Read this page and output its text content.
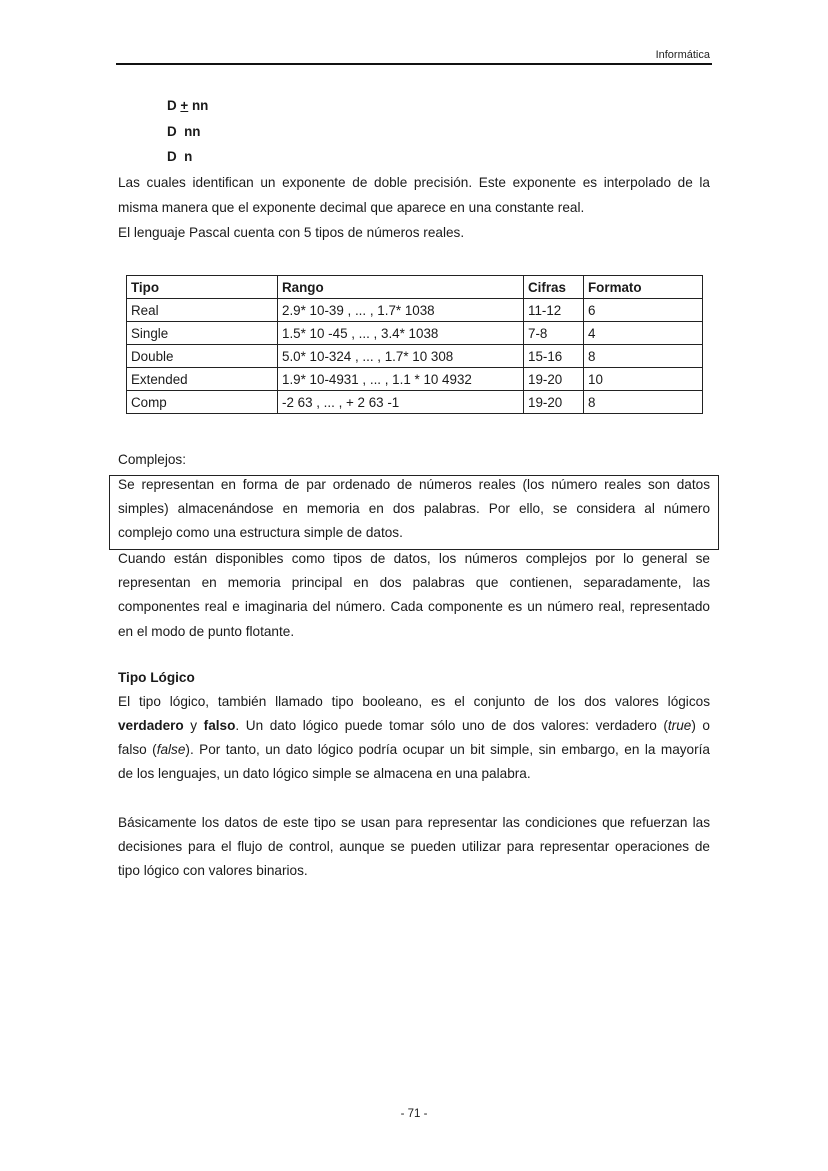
Informática
D + nn
D  nn
D  n
Las cuales identifican un exponente de doble precisión. Este exponente es interpolado de la
misma manera que el exponente decimal que aparece en una constante real.
El lenguaje Pascal cuenta con 5 tipos de números reales.
Tipo	Rango	Cifras	Formato
Real	2.9* 10-39 , ... , 1.7* 1038	11-12	6
Single	1.5* 10 -45 , ... , 3.4* 1038	7-8	4
Double	5.0* 10-324 , ... , 1.7* 10 308	15-16	8
Extended	1.9* 10-4931 , ... , 1.1 * 10 4932	19-20	10
Comp	-2 63 , ... , + 2 63 -1	19-20	8
Complejos:
Se representan en forma de par ordenado de números reales (los número reales son datos
simples) almacenándose en memoria en dos palabras. Por ello, se considera al número
complejo como una estructura simple de datos.
Cuando están disponibles como tipos de datos, los números complejos por lo general se
representan en memoria principal en dos palabras que contienen, separadamente, las
componentes real e imaginaria del número. Cada componente es un número real, representado
en el modo de punto flotante.
Tipo Lógico
El tipo lógico, también llamado tipo booleano, es el conjunto de los dos valores lógicos
verdadero y falso. Un dato lógico puede tomar sólo uno de dos valores: verdadero (true) o
falso (false). Por tanto, un dato lógico podría ocupar un bit simple, sin embargo, en la mayoría
de los lenguajes, un dato lógico simple se almacena en una palabra.
Básicamente los datos de este tipo se usan para representar las condiciones que refuerzan las
decisiones para el flujo de control, aunque se pueden utilizar para representar operaciones de
tipo lógico con valores binarios.
- 71 -
